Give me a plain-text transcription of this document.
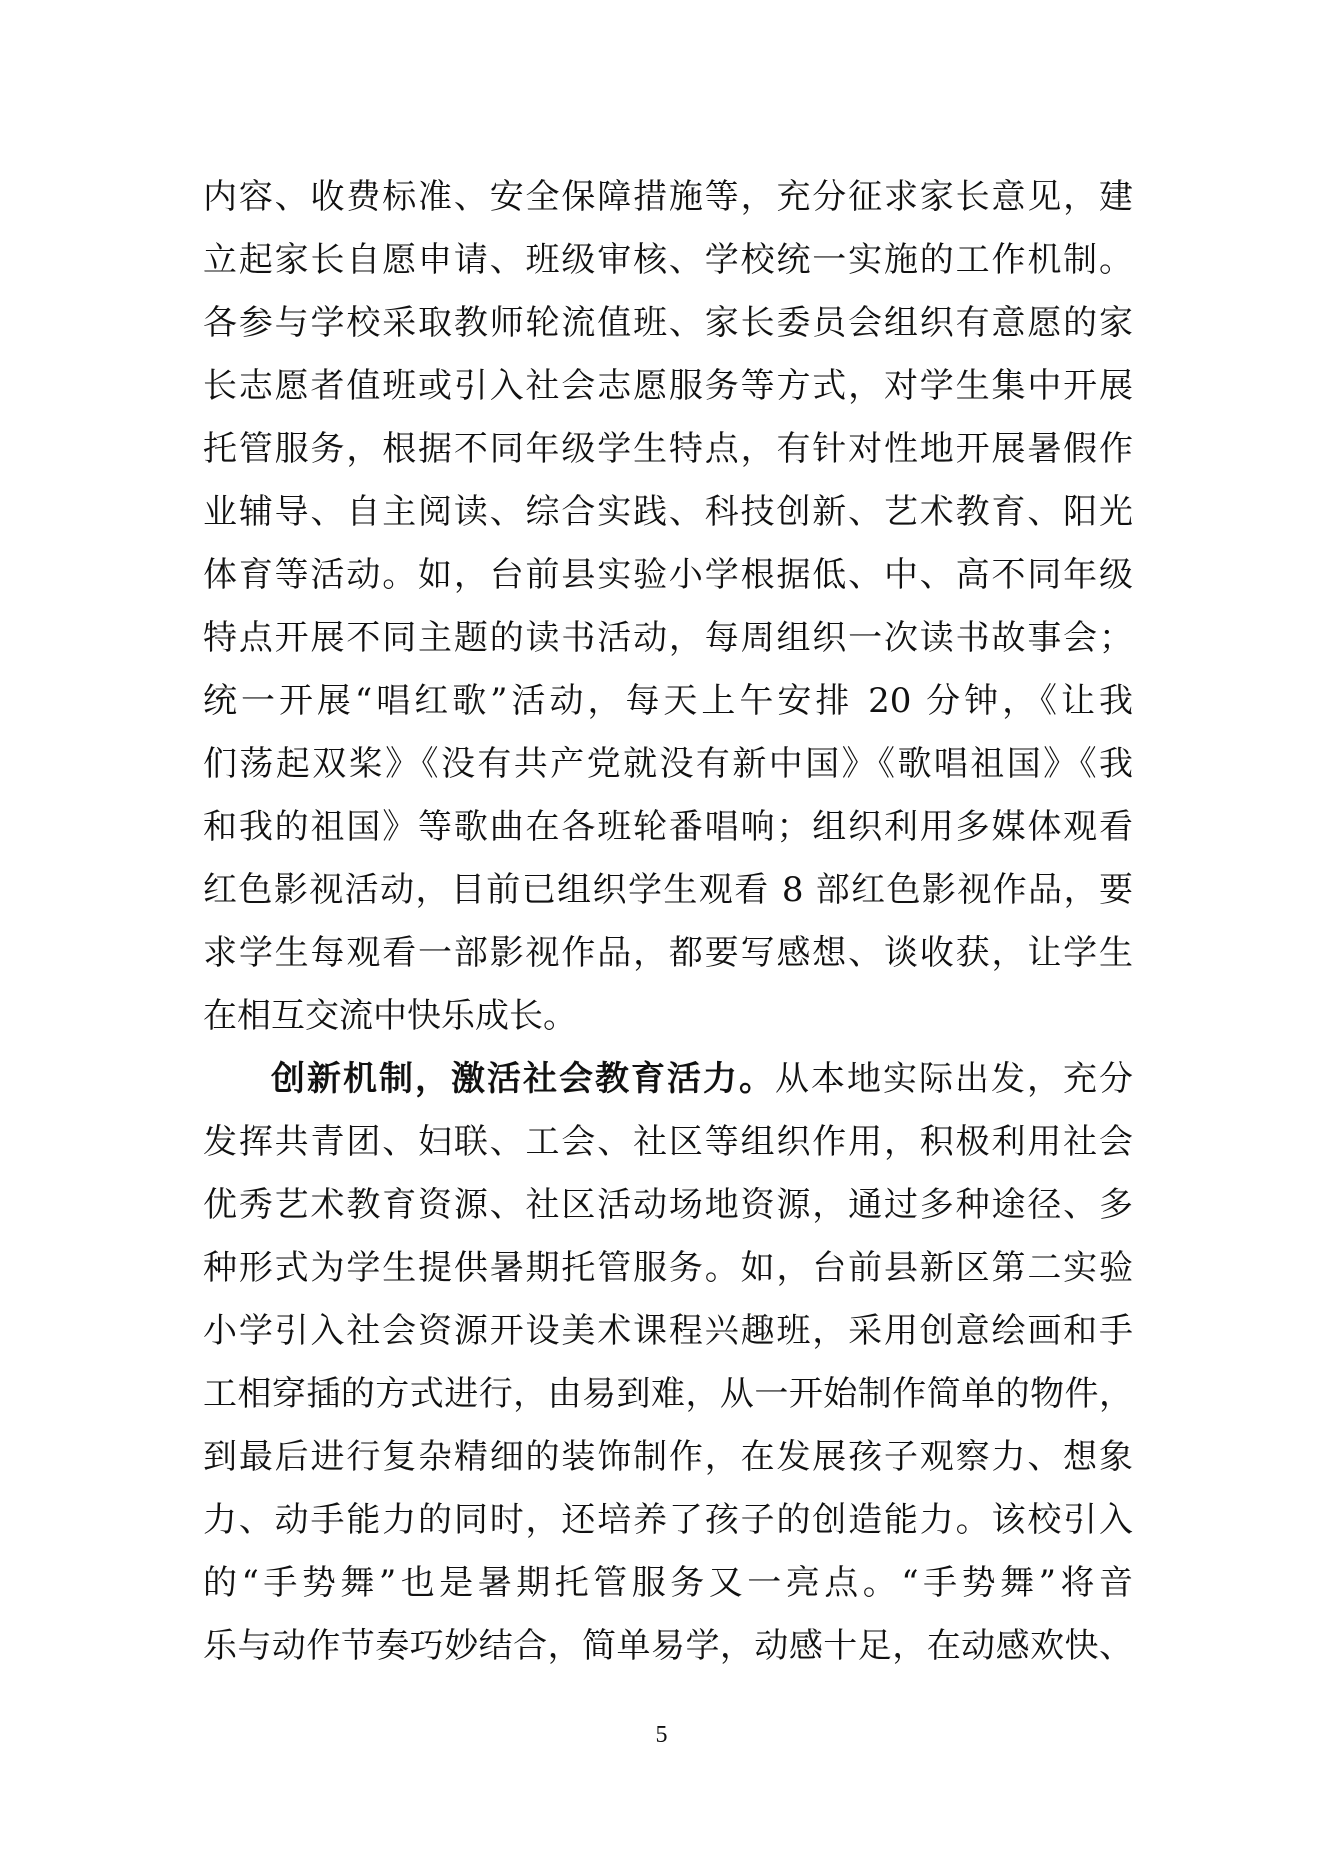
内容、收费标准、安全保障措施等，充分征求家长意见，建
立起家长自愿申请、班级审核、学校统一实施的工作机制。
各参与学校采取教师轮流值班、家长委员会组织有意愿的家
长志愿者值班或引入社会志愿服务等方式，对学生集中开展
托管服务，根据不同年级学生特点，有针对性地开展暑假作
业辅导、自主阅读、综合实践、科技创新、艺术教育、阳光
体育等活动。如，台前县实验小学根据低、中、高不同年级
特点开展不同主题的读书活动，每周组织一次读书故事会；
统一开展“唱红歌”活动，每天上午安排 20 分钟，《让我
们荡起双桨》《没有共产党就没有新中国》《歌唱祖国》《我
和我的祖国》等歌曲在各班轮番唱响；组织利用多媒体观看
红色影视活动，目前已组织学生观看 8 部红色影视作品，要
求学生每观看一部影视作品，都要写感想、谈收获，让学生
在相互交流中快乐成长。
创新机制，激活社会教育活力。从本地实际出发，充分
发挥共青团、妇联、工会、社区等组织作用，积极利用社会
优秀艺术教育资源、社区活动场地资源，通过多种途径、多
种形式为学生提供暑期托管服务。如，台前县新区第二实验
小学引入社会资源开设美术课程兴趣班，采用创意绘画和手
工相穿插的方式进行，由易到难，从一开始制作简单的物件，
到最后进行复杂精细的装饰制作，在发展孩子观察力、想象
力、动手能力的同时，还培养了孩子的创造能力。该校引入
的“手势舞”也是暑期托管服务又一亮点。“手势舞”将音
乐与动作节奏巧妙结合，简单易学，动感十足，在动感欢快、
5
